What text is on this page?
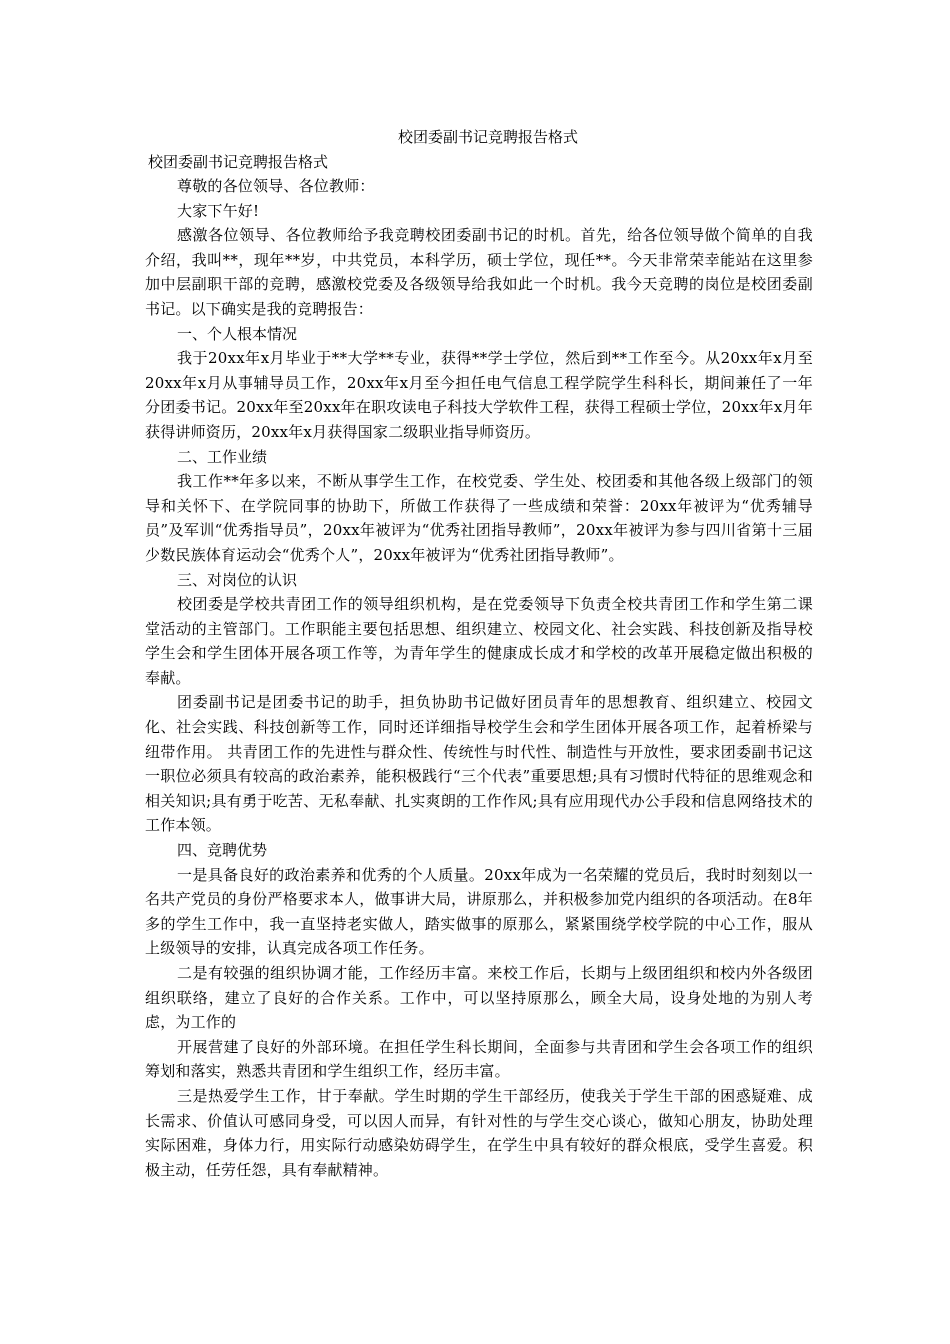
校团委副书记竞聘报告格式
校团委副书记竞聘报告格式

尊敬的各位领导、各位教师：

大家下午好!

感激各位领导、各位教师给予我竞聘校团委副书记的时机。首先，给各位领导做个简单的自我介绍，我叫**，现年**岁，中共党员，本科学历，硕士学位，现任**。今天非常荣幸能站在这里参加中层副职干部的竞聘，感激校党委及各级领导给我如此一个时机。我今天竞聘的岗位是校团委副书记。以下确实是我的竞聘报告：

一、个人根本情况

我于20xx年x月毕业于**大学**专业，获得**学士学位，然后到**工作至今。从20xx年x月至20xx年x月从事辅导员工作，20xx年x月至今担任电气信息工程学院学生科科长，期间兼任了一年分团委书记。20xx年至20xx年在职攻读电子科技大学软件工程，获得工程硕士学位，20xx年x月年获得讲师资历，20xx年x月获得国家二级职业指导师资历。

二、工作业绩

我工作**年多以来，不断从事学生工作，在校党委、学生处、校团委和其他各级上级部门的领导和关怀下、在学院同事的协助下，所做工作获得了一些成绩和荣誉：20xx年被评为“优秀辅导员”及军训“优秀指导员”，20xx年被评为“优秀社团指导教师”，20xx年被评为参与四川省第十三届少数民族体育运动会“优秀个人”，20xx年被评为“优秀社团指导教师”。

三、对岗位的认识

校团委是学校共青团工作的领导组织机构，是在党委领导下负责全校共青团工作和学生第二课堂活动的主管部门。工作职能主要包括思想、组织建立、校园文化、社会实践、科技创新及指导校学生会和学生团体开展各项工作等，为青年学生的健康成长成才和学校的改革开展稳定做出积极的奉献。

团委副书记是团委书记的助手，担负协助书记做好团员青年的思想教育、组织建立、校园文化、社会实践、科技创新等工作，同时还详细指导校学生会和学生团体开展各项工作，起着桥梁与纽带作用。 共青团工作的先进性与群众性、传统性与时代性、制造性与开放性，要求团委副书记这一职位必须具有较高的政治素养，能积极践行“三个代表”重要思想;具有习惯时代特征的思维观念和相关知识;具有勇于吃苦、无私奉献、扎实爽朗的工作作风;具有应用现代办公手段和信息网络技术的工作本领。

四、竞聘优势

一是具备良好的政治素养和优秀的个人质量。20xx年成为一名荣耀的党员后，我时时刻刻以一名共产党员的身份严格要求本人，做事讲大局，讲原那么，并积极参加党内组织的各项活动。在8年多的学生工作中，我一直坚持老实做人，踏实做事的原那么，紧紧围绕学校学院的中心工作，服从上级领导的安排，认真完成各项工作任务。

二是有较强的组织协调才能，工作经历丰富。来校工作后，长期与上级团组织和校内外各级团组织联络，建立了良好的合作关系。工作中，可以坚持原那么，顾全大局，设身处地的为别人考虑，为工作的

开展营建了良好的外部环境。在担任学生科长期间，全面参与共青团和学生会各项工作的组织筹划和落实，熟悉共青团和学生组织工作，经历丰富。

三是热爱学生工作，甘于奉献。学生时期的学生干部经历，使我关于学生干部的困惑疑难、成长需求、价值认可感同身受，可以因人而异，有针对性的与学生交心谈心，做知心朋友，协助处理实际困难，身体力行，用实际行动感染妨碍学生，在学生中具有较好的群众根底，受学生喜爱。积极主动，任劳任怨，具有奉献精神。
